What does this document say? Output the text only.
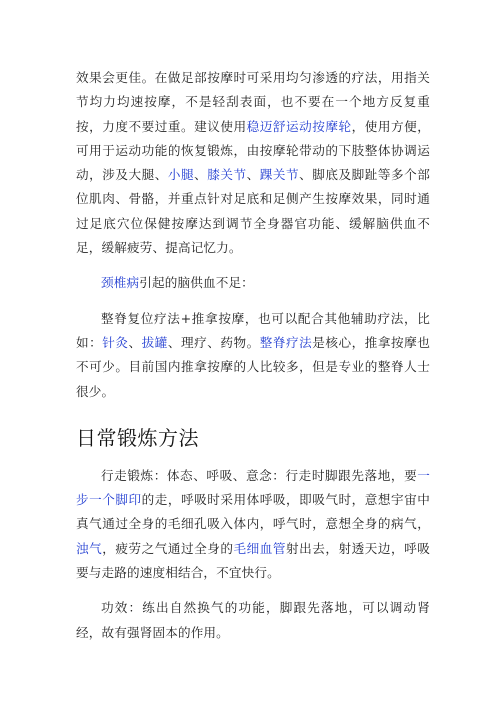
效果会更佳。在做足部按摩时可采用均匀渗透的疗法，用指关节均力均速按摩，不是轻刮表面，也不要在一个地方反复重按，力度不要过重。建议使用稳迈舒运动按摩轮，使用方便，可用于运动功能的恢复锻炼，由按摩轮带动的下肢整体协调运动，涉及大腿、小腿、膝关节、踝关节、脚底及脚趾等多个部位肌肉、骨骼，并重点针对足底和足侧产生按摩效果，同时通过足底穴位保健按摩达到调节全身器官功能、缓解脑供血不足，缓解疲劳、提高记忆力。

颈椎病引起的脑供血不足：

整脊复位疗法+推拿按摩，也可以配合其他辅助疗法，比如：针灸、拔罐、理疗、药物。整脊疗法是核心，推拿按摩也不可少。目前国内推拿按摩的人比较多，但是专业的整脊人士很少。

日常锻炼方法

行走锻炼：体态、呼吸、意念：行走时脚跟先落地，要一步一个脚印的走，呼吸时采用体呼吸，即吸气时，意想宇宙中真气通过全身的毛细孔吸入体内，呼气时，意想全身的病气，浊气，疲劳之气通过全身的毛细血管射出去，射透天边，呼吸要与走路的速度相结合，不宜快行。

功效：练出自然换气的功能，脚跟先落地，可以调动肾经，故有强肾固本的作用。
